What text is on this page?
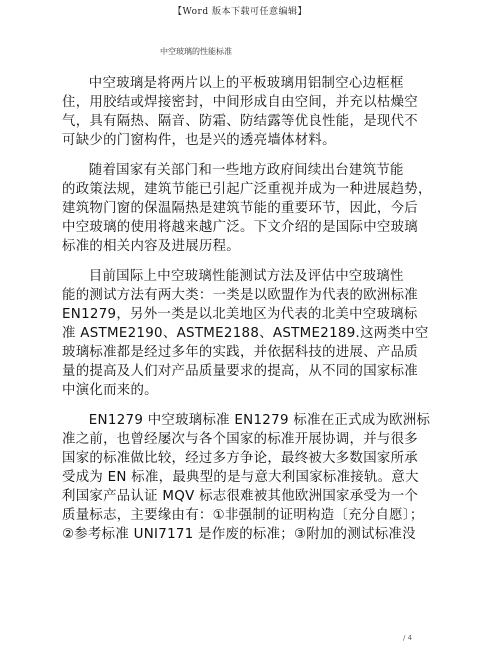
【Word 版本下载可任意编辑】
中空玻璃的性能标准
中空玻璃是将两片以上的平板玻璃用铝制空心边框框
住，用胶结或焊接密封，中间形成自由空间，并充以枯燥空
气，具有隔热、隔音、防霜、防结露等优良性能，是现代不
可缺少的门窗构件，也是兴的透亮墙体材料。
随着国家有关部门和一些地方政府间续出台建筑节能
的政策法规，建筑节能已引起广泛重视并成为一种进展趋势，
建筑物门窗的保温隔热是建筑节能的重要环节，因此，今后
中空玻璃的使用将越来越广泛。下文介绍的是国际中空玻璃
标准的相关内容及进展历程。
目前国际上中空玻璃性能测试方法及评估中空玻璃性
能的测试方法有两大类：一类是以欧盟作为代表的欧洲标准
EN1279，另外一类是以北美地区为代表的北美中空玻璃标
准 ASTME2190、ASTME2188、ASTME2189.这两类中空
玻璃标准都是经过多年的实践，并依据科技的进展、产品质
量的提高及人们对产品质量要求的提高，从不同的国家标准
中演化而来的。
EN1279 中空玻璃标准 EN1279 标准在正式成为欧洲标
准之前，也曾经屡次与各个国家的标准开展协调，并与很多
国家的标准做比较，经过多方争论，最终被大多数国家所承
受成为 EN 标准，最典型的是与意大利国家标准接轨。意大
利国家产品认证 MQV 标志很难被其他欧洲国家承受为一个
质量标志，主要缘由有：①非强制的证明构造〔充分自愿〕；
②参考标准 UNI7171 是作废的标准；③附加的测试标准没
/ 4
